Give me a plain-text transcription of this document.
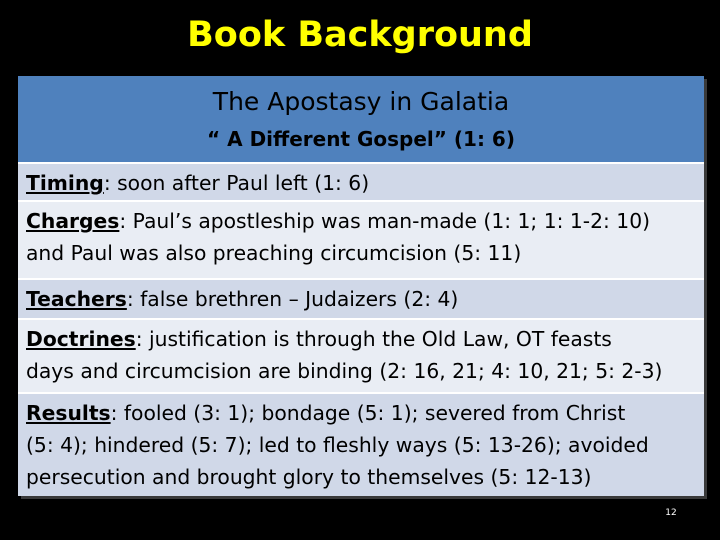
Book Background
The Apostasy in Galatia
“ A Different Gospel” (1: 6)
Timing: soon after Paul left (1: 6)
Charges: Paul’s apostleship was man-made (1: 1; 1: 1-2: 10)
and Paul was also preaching circumcision (5: 11)
Teachers: false brethren – Judaizers (2: 4)
Doctrines: justification is through the Old Law, OT feasts
days and circumcision are binding (2: 16, 21; 4: 10, 21; 5: 2-3)
Results: fooled (3: 1); bondage (5: 1); severed from Christ
(5: 4); hindered (5: 7); led to fleshly ways (5: 13-26); avoided
persecution and brought glory to themselves (5: 12-13)
12
